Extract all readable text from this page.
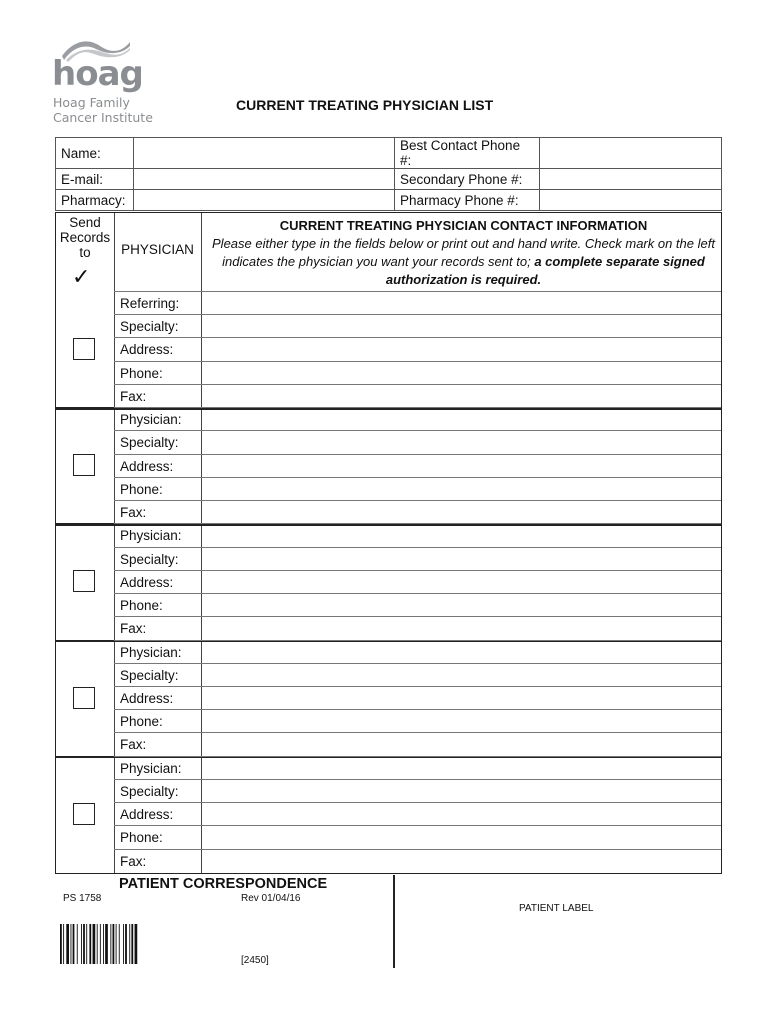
hoag
Hoag Family
Cancer Institute
CURRENT TREATING PHYSICIAN LIST
Name:		Best Contact Phone #:	
E-mail:		Secondary Phone #:	
Pharmacy:		Pharmacy Phone #:	
Send Records to
✓
PHYSICIAN
CURRENT TREATING PHYSICIAN CONTACT INFORMATION
Please either type in the fields below or print out and hand write. Check mark on the left indicates the physician you want your records sent to; a complete separate signed authorization is required.
Referring:
Specialty:
Address:
Phone:
Fax:
Physician:
Specialty:
Address:
Phone:
Fax:
Physician:
Specialty:
Address:
Phone:
Fax:
Physician:
Specialty:
Address:
Phone:
Fax:
Physician:
Specialty:
Address:
Phone:
Fax:
PATIENT CORRESPONDENCE
PS 1758	Rev 01/04/16
PATIENT LABEL
[2450]
